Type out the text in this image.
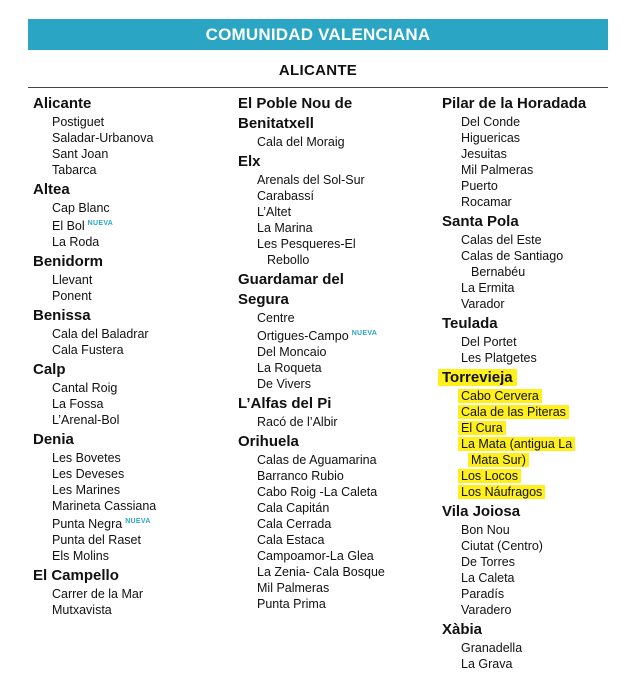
COMUNIDAD VALENCIANA
ALICANTE
Alicante
Postiguet
Saladar-Urbanova
Sant Joan
Tabarca
Altea
Cap Blanc
El Bol $^{NUEVA}$
La Roda
Benidorm
Llevant
Ponent
Benissa
Cala del Baladrar
Cala Fustera
Calp
Cantal Roig
La Fossa
L’Arenal-Bol
Denia
Les Bovetes
Les Deveses
Les Marines
Marineta Cassiana
Punta Negra $^{NUEVA}$
Punta del Raset
Els Molins
El Campello
Carrer de la Mar
Mutxavista
El Poble Nou de
Benitatxell
Cala del Moraig
Elx
Arenals del Sol-Sur
Carabassí
L’Altet
La Marina
Les Pesqueres-El
Rebollo
Guardamar del
Segura
Centre
Ortigues-Campo $^{NUEVA}$
Del Moncaio
La Roqueta
De Vivers
L’Alfas del Pi
Racó de l’Albir
Orihuela
Calas de Aguamarina
Barranco Rubio
Cabo Roig -La Caleta
Cala Capitán
Cala Cerrada
Cala Estaca
Campoamor-La Glea
La Zenia- Cala Bosque
Mil Palmeras
Punta Prima
Pilar de la Horadada
Del Conde
Higuericas
Jesuitas
Mil Palmeras
Puerto
Rocamar
Santa Pola
Calas del Este
Calas de Santiago
Bernabéu
La Ermita
Varador
Teulada
Del Portet
Les Platgetes
Torrevieja
Cabo Cervera
Cala de las Piteras
El Cura
La Mata (antigua La
Mata Sur)
Los Locos
Los Náufragos
Vila Joiosa
Bon Nou
Ciutat (Centro)
De Torres
La Caleta
Paradís
Varadero
Xàbia
Granadella
La Grava
